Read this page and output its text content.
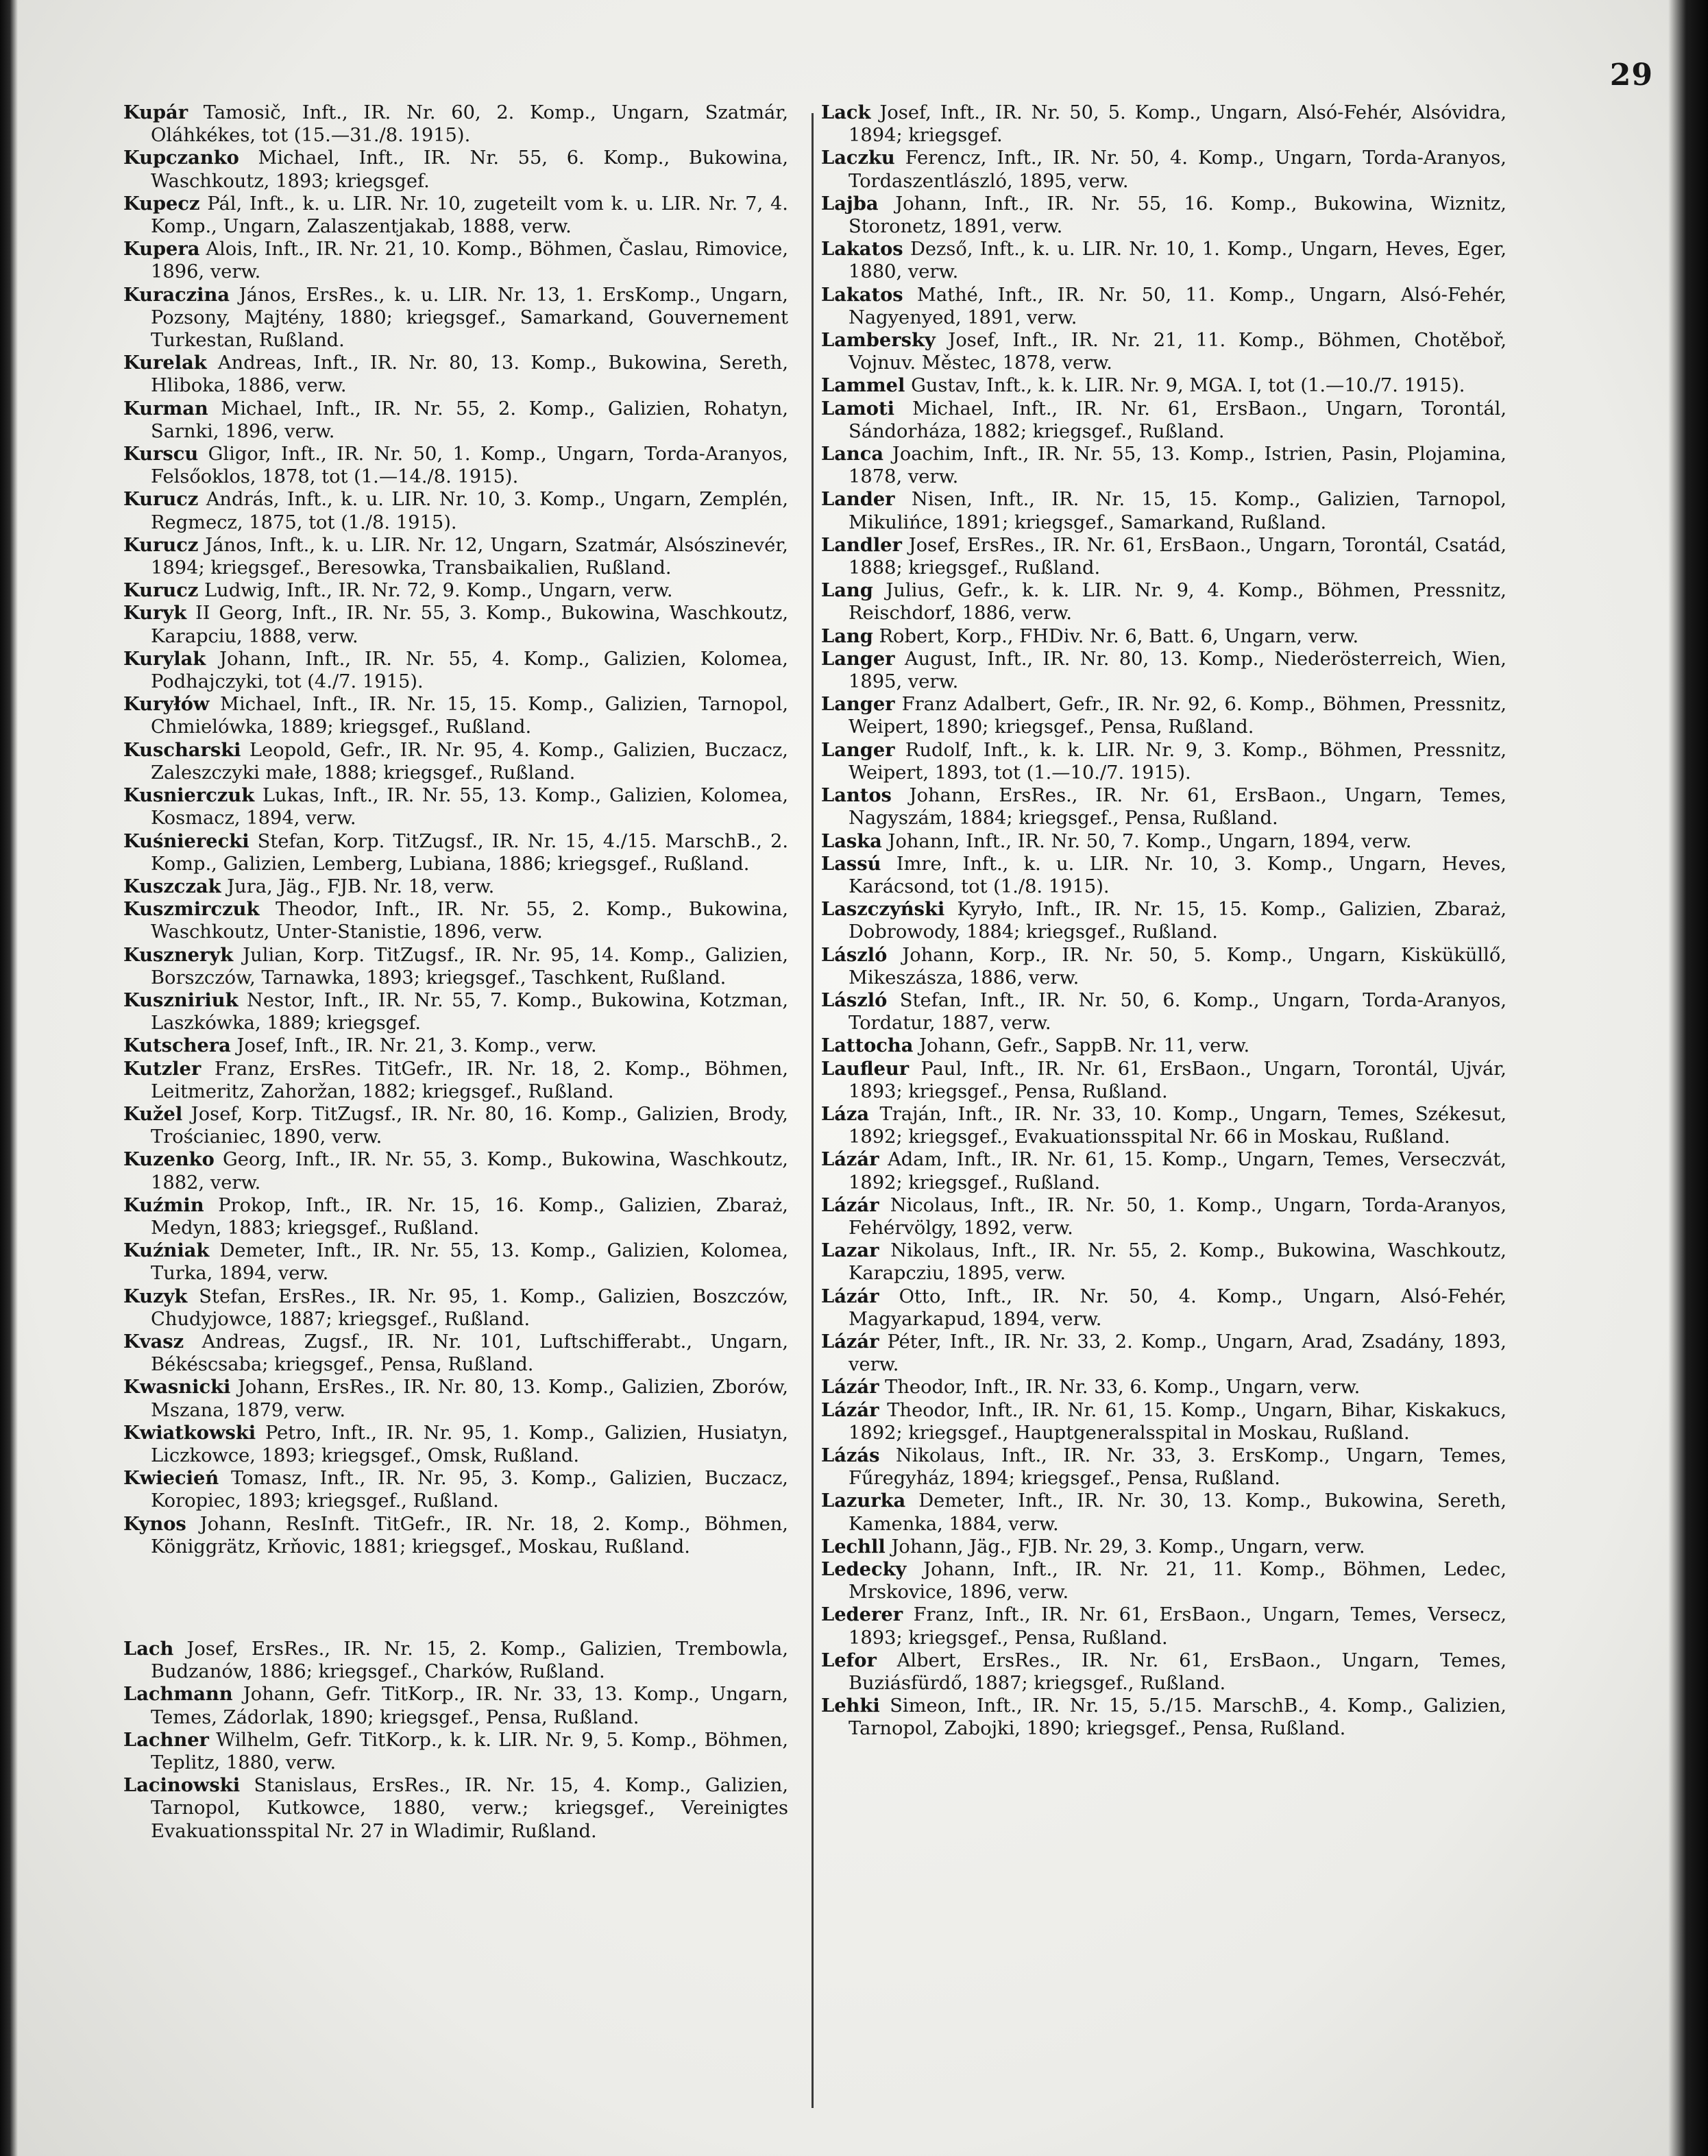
29

Kupár Tamosič, Inft., IR. Nr. 60, 2. Komp., Ungarn, Szatmár, Oláhkékes, tot (15.—31./8. 1915).

Kupczanko Michael, Inft., IR. Nr. 55, 6. Komp., Bukowina, Waschkoutz, 1893; kriegsgef.

Kupecz Pál, Inft., k. u. LIR. Nr. 10, zugeteilt vom k. u. LIR. Nr. 7, 4. Komp., Ungarn, Zalaszentjakab, 1888, verw.

Kupera Alois, Inft., IR. Nr. 21, 10. Komp., Böhmen, Časlau, Rimovice, 1896, verw.

Kuraczina János, ErsRes., k. u. LIR. Nr. 13, 1. ErsKomp., Ungarn, Pozsony, Majtény, 1880; kriegsgef., Samarkand, Gouvernement Turkestan, Rußland.

Kurelak Andreas, Inft., IR. Nr. 80, 13. Komp., Bukowina, Sereth, Hliboka, 1886, verw.

Kurman Michael, Inft., IR. Nr. 55, 2. Komp., Galizien, Rohatyn, Sarnki, 1896, verw.

Kurscu Gligor, Inft., IR. Nr. 50, 1. Komp., Ungarn, Torda-Aranyos, Felsőoklos, 1878, tot (1.—14./8. 1915).

Kurucz András, Inft., k. u. LIR. Nr. 10, 3. Komp., Ungarn, Zemplén, Regmecz, 1875, tot (1./8. 1915).

Kurucz János, Inft., k. u. LIR. Nr. 12, Ungarn, Szatmár, Alsószinevér, 1894; kriegsgef., Beresowka, Transbaikalien, Rußland.

Kurucz Ludwig, Inft., IR. Nr. 72, 9. Komp., Ungarn, verw.

Kuryk II Georg, Inft., IR. Nr. 55, 3. Komp., Bukowina, Waschkoutz, Karapciu, 1888, verw.

Kurylak Johann, Inft., IR. Nr. 55, 4. Komp., Galizien, Kolomea, Podhajczyki, tot (4./7. 1915).

Kuryłów Michael, Inft., IR. Nr. 15, 15. Komp., Galizien, Tarnopol, Chmielówka, 1889; kriegsgef., Rußland.

Kuscharski Leopold, Gefr., IR. Nr. 95, 4. Komp., Galizien, Buczacz, Zaleszczyki małe, 1888; kriegsgef., Rußland.

Kusnierczuk Lukas, Inft., IR. Nr. 55, 13. Komp., Galizien, Kolomea, Kosmacz, 1894, verw.

Kuśnierecki Stefan, Korp. TitZugsf., IR. Nr. 15, 4./15. MarschB., 2. Komp., Galizien, Lemberg, Lubiana, 1886; kriegsgef., Rußland.

Kuszczak Jura, Jäg., FJB. Nr. 18, verw.

Kuszmirczuk Theodor, Inft., IR. Nr. 55, 2. Komp., Bukowina, Waschkoutz, Unter-Stanistie, 1896, verw.

Kuszneryk Julian, Korp. TitZugsf., IR. Nr. 95, 14. Komp., Galizien, Borszczów, Tarnawka, 1893; kriegsgef., Taschkent, Rußland.

Kuszniriuk Nestor, Inft., IR. Nr. 55, 7. Komp., Bukowina, Kotzman, Laszkówka, 1889; kriegsgef.

Kutschera Josef, Inft., IR. Nr. 21, 3. Komp., verw.

Kutzler Franz, ErsRes. TitGefr., IR. Nr. 18, 2. Komp., Böhmen, Leitmeritz, Zahoržan, 1882; kriegsgef., Rußland.

Kužel Josef, Korp. TitZugsf., IR. Nr. 80, 16. Komp., Galizien, Brody, Trościaniec, 1890, verw.

Kuzenko Georg, Inft., IR. Nr. 55, 3. Komp., Bukowina, Waschkoutz, 1882, verw.

Kuźmin Prokop, Inft., IR. Nr. 15, 16. Komp., Galizien, Zbaraż, Medyn, 1883; kriegsgef., Rußland.

Kuźniak Demeter, Inft., IR. Nr. 55, 13. Komp., Galizien, Kolomea, Turka, 1894, verw.

Kuzyk Stefan, ErsRes., IR. Nr. 95, 1. Komp., Galizien, Boszczów, Chudyjowce, 1887; kriegsgef., Rußland.

Kvasz Andreas, Zugsf., IR. Nr. 101, Luftschifferabt., Ungarn, Békéscsaba; kriegsgef., Pensa, Rußland.

Kwasnicki Johann, ErsRes., IR. Nr. 80, 13. Komp., Galizien, Zborów, Mszana, 1879, verw.

Kwiatkowski Petro, Inft., IR. Nr. 95, 1. Komp., Galizien, Husiatyn, Liczkowce, 1893; kriegsgef., Omsk, Rußland.

Kwiecień Tomasz, Inft., IR. Nr. 95, 3. Komp., Galizien, Buczacz, Koropiec, 1893; kriegsgef., Rußland.

Kynos Johann, ResInft. TitGefr., IR. Nr. 18, 2. Komp., Böhmen, Königgrätz, Krňovic, 1881; kriegsgef., Moskau, Rußland.

Lach Josef, ErsRes., IR. Nr. 15, 2. Komp., Galizien, Trembowla, Budzanów, 1886; kriegsgef., Charków, Rußland.

Lachmann Johann, Gefr. TitKorp., IR. Nr. 33, 13. Komp., Ungarn, Temes, Zádorlak, 1890; kriegsgef., Pensa, Rußland.

Lachner Wilhelm, Gefr. TitKorp., k. k. LIR. Nr. 9, 5. Komp., Böhmen, Teplitz, 1880, verw.

Lacinowski Stanislaus, ErsRes., IR. Nr. 15, 4. Komp., Galizien, Tarnopol, Kutkowce, 1880, verw.; kriegsgef., Vereinigtes Evakuationsspital Nr. 27 in Wladimir, Rußland.

Lack Josef, Inft., IR. Nr. 50, 5. Komp., Ungarn, Alsó-Fehér, Alsóvidra, 1894; kriegsgef.

Laczku Ferencz, Inft., IR. Nr. 50, 4. Komp., Ungarn, Torda-Aranyos, Tordaszentlászló, 1895, verw.

Lajba Johann, Inft., IR. Nr. 55, 16. Komp., Bukowina, Wiznitz, Storonetz, 1891, verw.

Lakatos Dezső, Inft., k. u. LIR. Nr. 10, 1. Komp., Ungarn, Heves, Eger, 1880, verw.

Lakatos Mathé, Inft., IR. Nr. 50, 11. Komp., Ungarn, Alsó-Fehér, Nagyenyed, 1891, verw.

Lambersky Josef, Inft., IR. Nr. 21, 11. Komp., Böhmen, Chotěboř, Vojnuv. Městec, 1878, verw.

Lammel Gustav, Inft., k. k. LIR. Nr. 9, MGA. I, tot (1.—10./7. 1915).

Lamoti Michael, Inft., IR. Nr. 61, ErsBaon., Ungarn, Torontál, Sándorháza, 1882; kriegsgef., Rußland.

Lanca Joachim, Inft., IR. Nr. 55, 13. Komp., Istrien, Pasin, Plojamina, 1878, verw.

Lander Nisen, Inft., IR. Nr. 15, 15. Komp., Galizien, Tarnopol, Mikulińce, 1891; kriegsgef., Samarkand, Rußland.

Landler Josef, ErsRes., IR. Nr. 61, ErsBaon., Ungarn, Torontál, Csatád, 1888; kriegsgef., Rußland.

Lang Julius, Gefr., k. k. LIR. Nr. 9, 4. Komp., Böhmen, Pressnitz, Reischdorf, 1886, verw.

Lang Robert, Korp., FHDiv. Nr. 6, Batt. 6, Ungarn, verw.

Langer August, Inft., IR. Nr. 80, 13. Komp., Niederösterreich, Wien, 1895, verw.

Langer Franz Adalbert, Gefr., IR. Nr. 92, 6. Komp., Böhmen, Pressnitz, Weipert, 1890; kriegsgef., Pensa, Rußland.

Langer Rudolf, Inft., k. k. LIR. Nr. 9, 3. Komp., Böhmen, Pressnitz, Weipert, 1893, tot (1.—10./7. 1915).

Lantos Johann, ErsRes., IR. Nr. 61, ErsBaon., Ungarn, Temes, Nagyszám, 1884; kriegsgef., Pensa, Rußland.

Laska Johann, Inft., IR. Nr. 50, 7. Komp., Ungarn, 1894, verw.

Lassú Imre, Inft., k. u. LIR. Nr. 10, 3. Komp., Ungarn, Heves, Karácsond, tot (1./8. 1915).

Laszczyński Kyryło, Inft., IR. Nr. 15, 15. Komp., Galizien, Zbaraż, Dobrowody, 1884; kriegsgef., Rußland.

László Johann, Korp., IR. Nr. 50, 5. Komp., Ungarn, Kisküküllő, Mikeszásza, 1886, verw.

László Stefan, Inft., IR. Nr. 50, 6. Komp., Ungarn, Torda-Aranyos, Tordatur, 1887, verw.

Lattocha Johann, Gefr., SappB. Nr. 11, verw.

Laufleur Paul, Inft., IR. Nr. 61, ErsBaon., Ungarn, Torontál, Ujvár, 1893; kriegsgef., Pensa, Rußland.

Láza Traján, Inft., IR. Nr. 33, 10. Komp., Ungarn, Temes, Székesut, 1892; kriegsgef., Evakuationsspital Nr. 66 in Moskau, Rußland.

Lázár Adam, Inft., IR. Nr. 61, 15. Komp., Ungarn, Temes, Verseczvát, 1892; kriegsgef., Rußland.

Lázár Nicolaus, Inft., IR. Nr. 50, 1. Komp., Ungarn, Torda-Aranyos, Fehérvölgy, 1892, verw.

Lazar Nikolaus, Inft., IR. Nr. 55, 2. Komp., Bukowina, Waschkoutz, Karapcziu, 1895, verw.

Lázár Otto, Inft., IR. Nr. 50, 4. Komp., Ungarn, Alsó-Fehér, Magyarkapud, 1894, verw.

Lázár Péter, Inft., IR. Nr. 33, 2. Komp., Ungarn, Arad, Zsadány, 1893, verw.

Lázár Theodor, Inft., IR. Nr. 33, 6. Komp., Ungarn, verw.

Lázár Theodor, Inft., IR. Nr. 61, 15. Komp., Ungarn, Bihar, Kiskakucs, 1892; kriegsgef., Hauptgeneralsspital in Moskau, Rußland.

Lázás Nikolaus, Inft., IR. Nr. 33, 3. ErsKomp., Ungarn, Temes, Fűregyház, 1894; kriegsgef., Pensa, Rußland.

Lazurka Demeter, Inft., IR. Nr. 30, 13. Komp., Bukowina, Sereth, Kamenka, 1884, verw.

Lechll Johann, Jäg., FJB. Nr. 29, 3. Komp., Ungarn, verw.

Ledecky Johann, Inft., IR. Nr. 21, 11. Komp., Böhmen, Ledec, Mrskovice, 1896, verw.

Lederer Franz, Inft., IR. Nr. 61, ErsBaon., Ungarn, Temes, Versecz, 1893; kriegsgef., Pensa, Rußland.

Lefor Albert, ErsRes., IR. Nr. 61, ErsBaon., Ungarn, Temes, Buziásfürdő, 1887; kriegsgef., Rußland.

Lehki Simeon, Inft., IR. Nr. 15, 5./15. MarschB., 4. Komp., Galizien, Tarnopol, Zabojki, 1890; kriegsgef., Pensa, Rußland.
